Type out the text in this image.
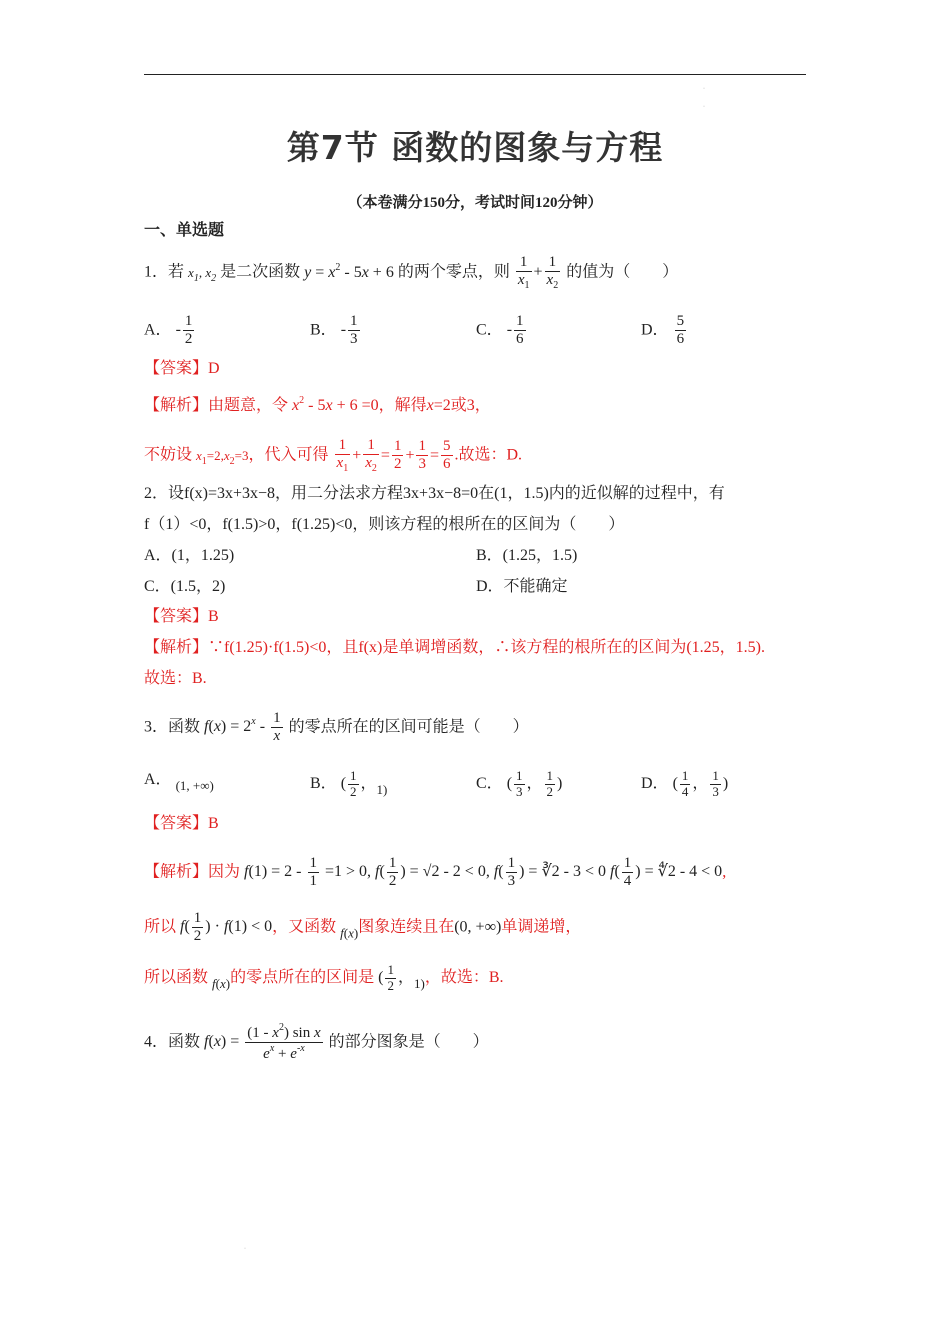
·
·
第7节 函数的图象与方程
（本卷满分150分，考试时间120分钟）
一、单选题
1．若 $x_1$, $x_2$ 是二次函数 $y = x^2 - 5x + 6$ 的两个零点，则 $\frac{1}{x_1} + \frac{1}{x_2}$ 的值为（　　）
A． - $\frac{1}{2}$	B． - $\frac{1}{3}$	C． - $\frac{1}{6}$	D． $\frac{5}{6}$
【答案】D
【解析】由题意，令 $x^2 - 5x + 6 =0$，解得x=2或3，
不妨设 $x_1=2,x_2=3$，代入可得 $\frac{1}{x_1} + \frac{1}{x_2} = \frac{1}{2} + \frac{1}{3} = \frac{5}{6}$ .故选：D.
2．设f(x)=3x+3x−8，用二分法求方程3x+3x−8=0在(1，1.5)内的近似解的过程中，有
f（1）<0，f(1.5)>0，f(1.25)<0，则该方程的根所在的区间为（　　）
A．(1，1.25)	B．(1.25，1.5)
C．(1.5，2)	D．不能确定
【答案】B
【解析】∵f(1.25)·f(1.5)<0，且f(x)是单调增函数，∴该方程的根所在的区间为(1.25，1.5).
故选：B.
3．函数 $f(x) = 2^x - \frac{1}{x}$ 的零点所在的区间可能是（　　）
A． $_{(1, +\infty)}$	B． ( $\frac{1}{2}$ ，$_{1)}$	C． ( $\frac{1}{3}$ ， $\frac{1}{2}$ )	D． ( $\frac{1}{4}$ ， $\frac{1}{3}$ )
【答案】B
【解析】因为 $f(1) = 2 - \frac{1}{1} =1 > 0$, $f( \frac{1}{2}$ ) = √2 - 2 < 0, $f( \frac{1}{3}$ ) = ∛2 - 3 < 0 $f( \frac{1}{4}$ ) = ∜2 - 4 < 0,
所以 $f( \frac{1}{2}$ ) · f(1) < 0，又函数 $_{f(x)}$图象连续且在(0, +∞)单调递增，
所以函数 $_{f(x)}$的零点所在的区间是 ( $\frac{1}{2}$ ，$_{1)}$，故选：B.
4．函数 $f(x) = \frac{(1 - x^2) \sin x}{e^x + e^{-x}}$ 的部分图象是（　　）
·
